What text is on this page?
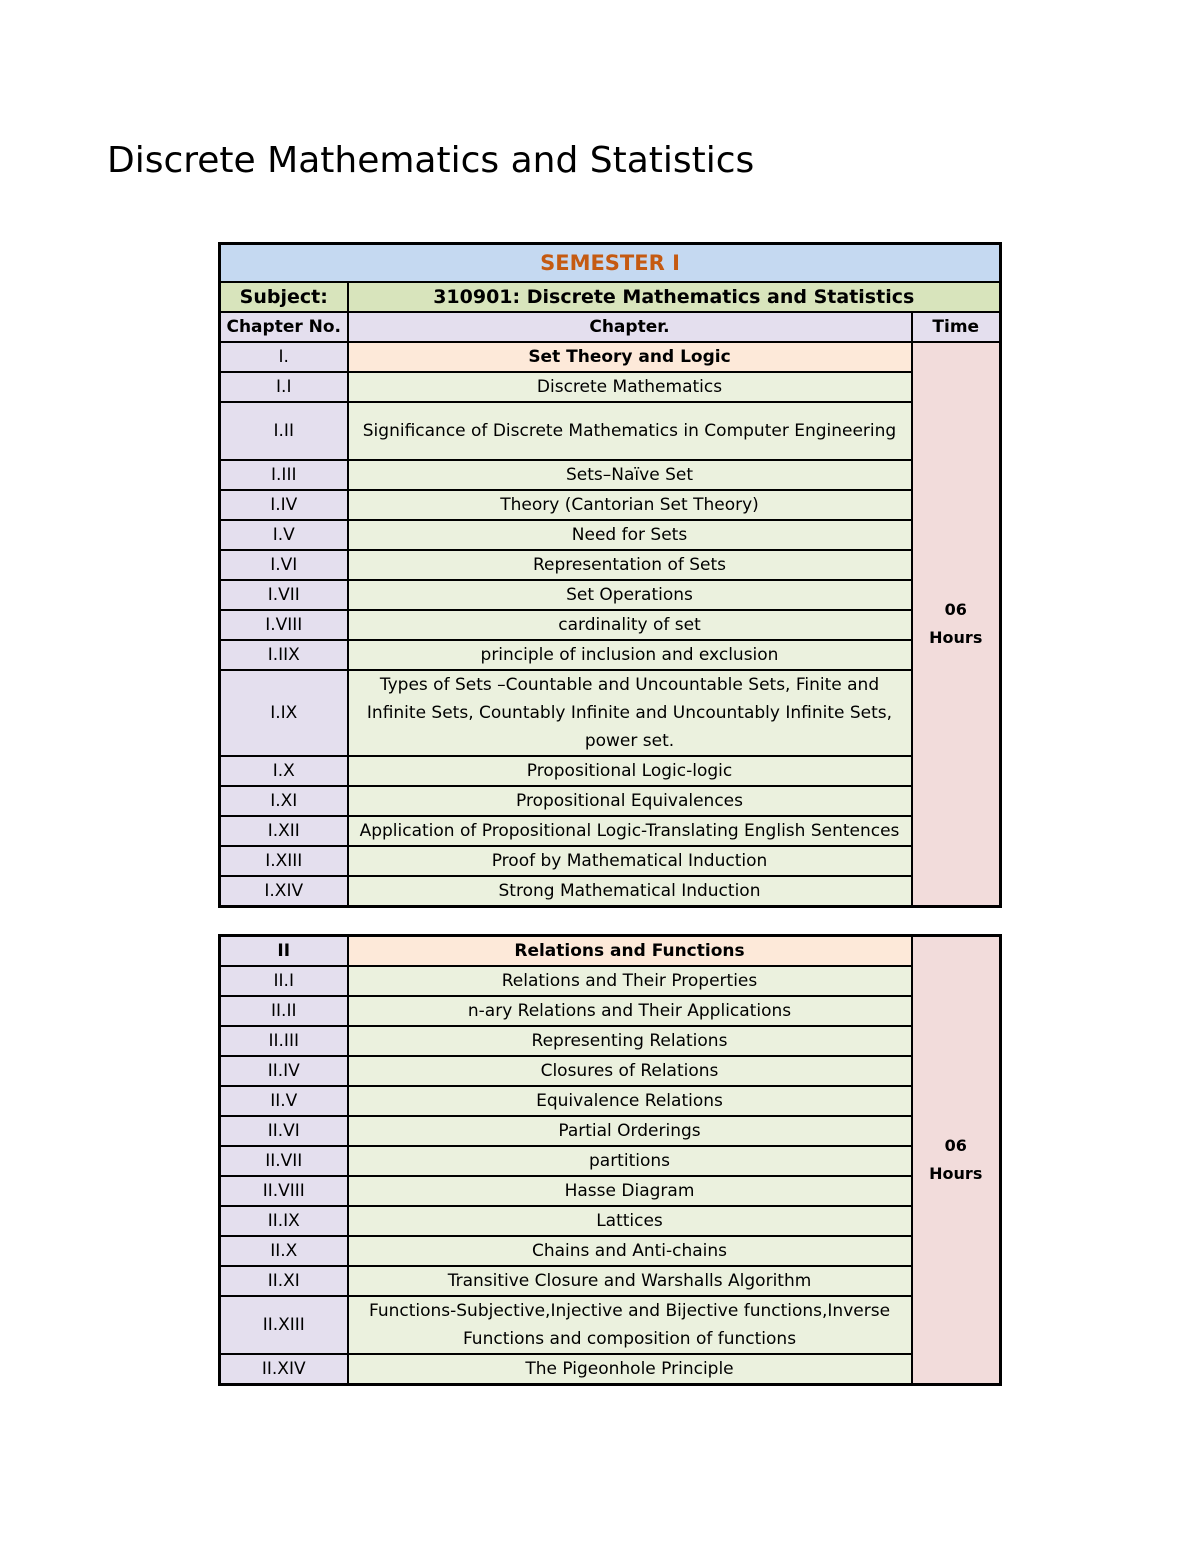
Discrete Mathematics and Statistics
SEMESTER I		
Subject:	310901: Discrete Mathematics and Statistics	
Chapter No.	Chapter.	Time
I.	Set Theory and Logic	06 Hours
I.I	Discrete Mathematics	
I.II	Significance of Discrete Mathematics in Computer Engineering	
I.III	Sets–Naïve Set	
I.IV	Theory (Cantorian Set Theory)	
I.V	Need for Sets	
I.VI	Representation of Sets	
I.VII	Set Operations	
I.VIII	cardinality of set	
I.IIX	principle of inclusion and exclusion	
I.IX	Types of Sets –Countable and Uncountable Sets, Finite and Infinite Sets, Countably Infinite and Uncountably Infinite Sets, power set.	
I.X	Propositional Logic-logic	
I.XI	Propositional Equivalences	
I.XII	Application of Propositional Logic-Translating English Sentences	
I.XIII	Proof by Mathematical Induction	
I.XIV	Strong Mathematical Induction	
II	Relations and Functions	06 Hours
II.I	Relations and Their Properties	
II.II	n-ary Relations and Their Applications	
II.III	Representing Relations	
II.IV	Closures of Relations	
II.V	Equivalence Relations	
II.VI	Partial Orderings	
II.VII	partitions	
II.VIII	Hasse Diagram	
II.IX	Lattices	
II.X	Chains and Anti-chains	
II.XI	Transitive Closure and Warshalls Algorithm	
II.XIII	Functions-Subjective,Injective and Bijective functions,Inverse Functions and composition of functions	
II.XIV	The Pigeonhole Principle	
